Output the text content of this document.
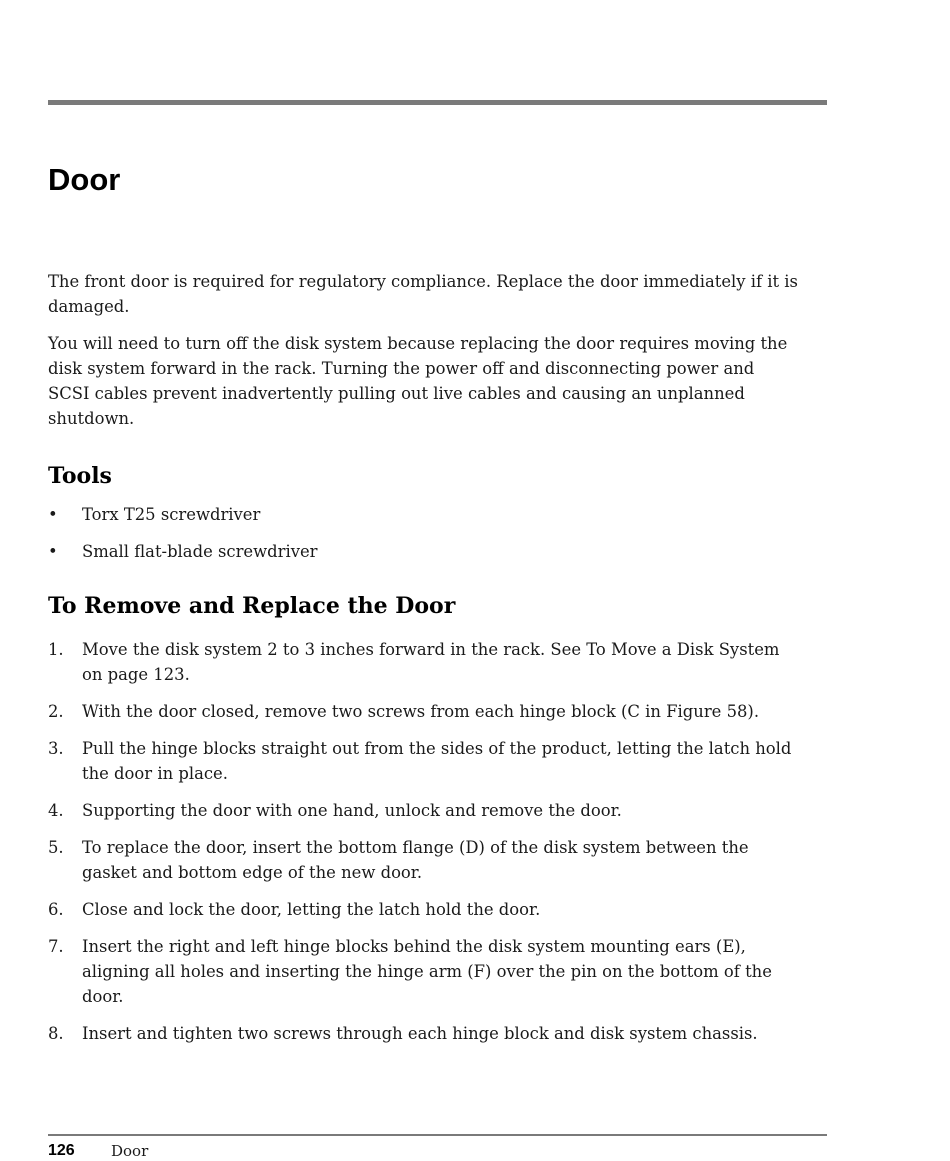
Door

The front door is required for regulatory compliance. Replace the door immediately if it is damaged.

You will need to turn off the disk system because replacing the door requires moving the disk system forward in the rack. Turning the power off and disconnecting power and SCSI cables prevent inadvertently pulling out live cables and causing an unplanned shutdown.

Tools
•	Torx T25 screwdriver
•	Small flat-blade screwdriver
To Remove and Replace the Door
1.	Move the disk system 2 to 3 inches forward in the rack. See To Move a Disk System on page 123.
2.	With the door closed, remove two screws from each hinge block (C in Figure 58).
3.	Pull the hinge blocks straight out from the sides of the product, letting the latch hold the door in place.
4.	Supporting the door with one hand, unlock and remove the door.
5.	To replace the door, insert the bottom flange (D) of the disk system between the gasket and bottom edge of the new door.
6.	Close and lock the door, letting the latch hold the door.
7.	Insert the right and left hinge blocks behind the disk system mounting ears (E), aligning all holes and inserting the hinge arm (F) over the pin on the bottom of the door.
8.	Insert and tighten two screws through each hinge block and disk system chassis.
126 Door
